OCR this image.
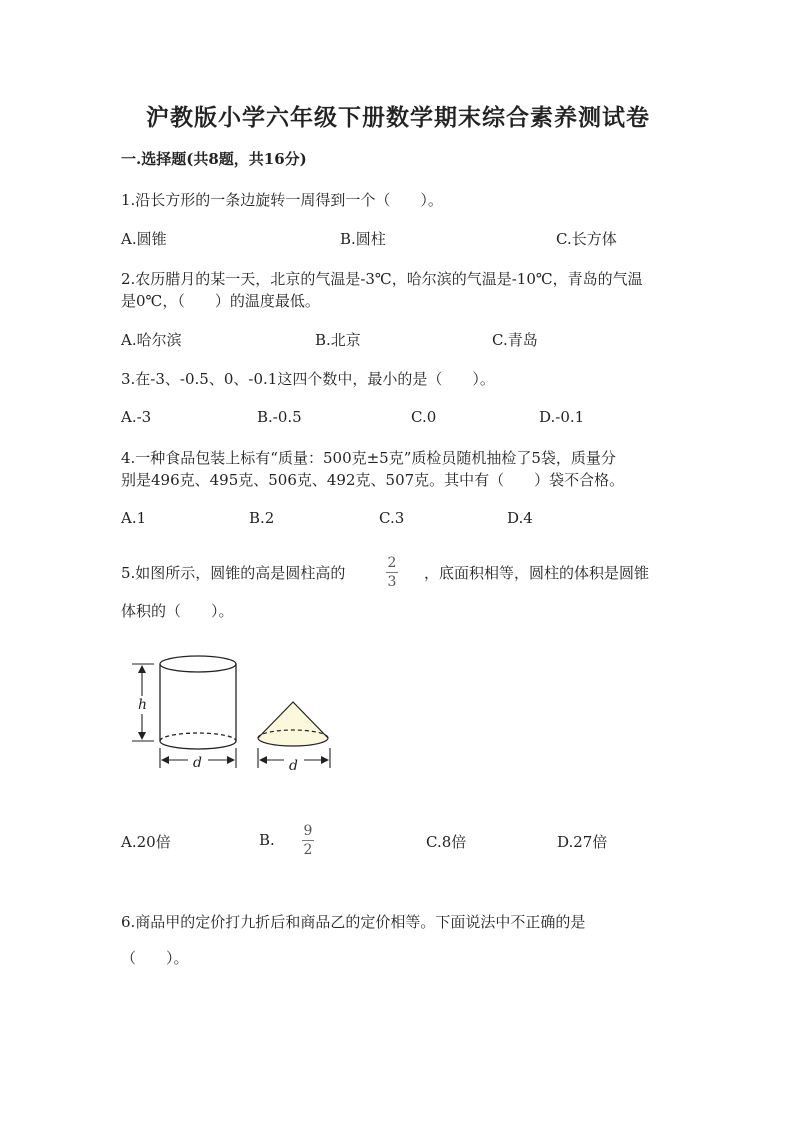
沪教版小学六年级下册数学期末综合素养测试卷
一.选择题(共8题，共16分)
1.沿长方形的一条边旋转一周得到一个（　　）。
A.圆锥	B.圆柱	C.长方体
2.农历腊月的某一天，北京的气温是-3℃，哈尔滨的气温是-10℃，青岛的气温
是0℃，（　　）的温度最低。
A.哈尔滨	B.北京	C.青岛
3.在-3、-0.5、0、-0.1这四个数中，最小的是（　　）。
A.-3	B.-0.5	C.0	D.-0.1
4.一种食品包装上标有“质量：500克±5克”质检员随机抽检了5袋，质量分
别是496克、495克、506克、492克、507克。其中有（　　）袋不合格。
A.1	B.2	C.3	D.4
5.如图所示，圆锥的高是圆柱高的
2
3 ，底面积相等，圆柱的体积是圆锥
体积的（　　）。
h
d	d
A.20倍	B. 9
2	C.8倍	D.27倍
6.商品甲的定价打九折后和商品乙的定价相等。下面说法中不正确的是
（　　）。
